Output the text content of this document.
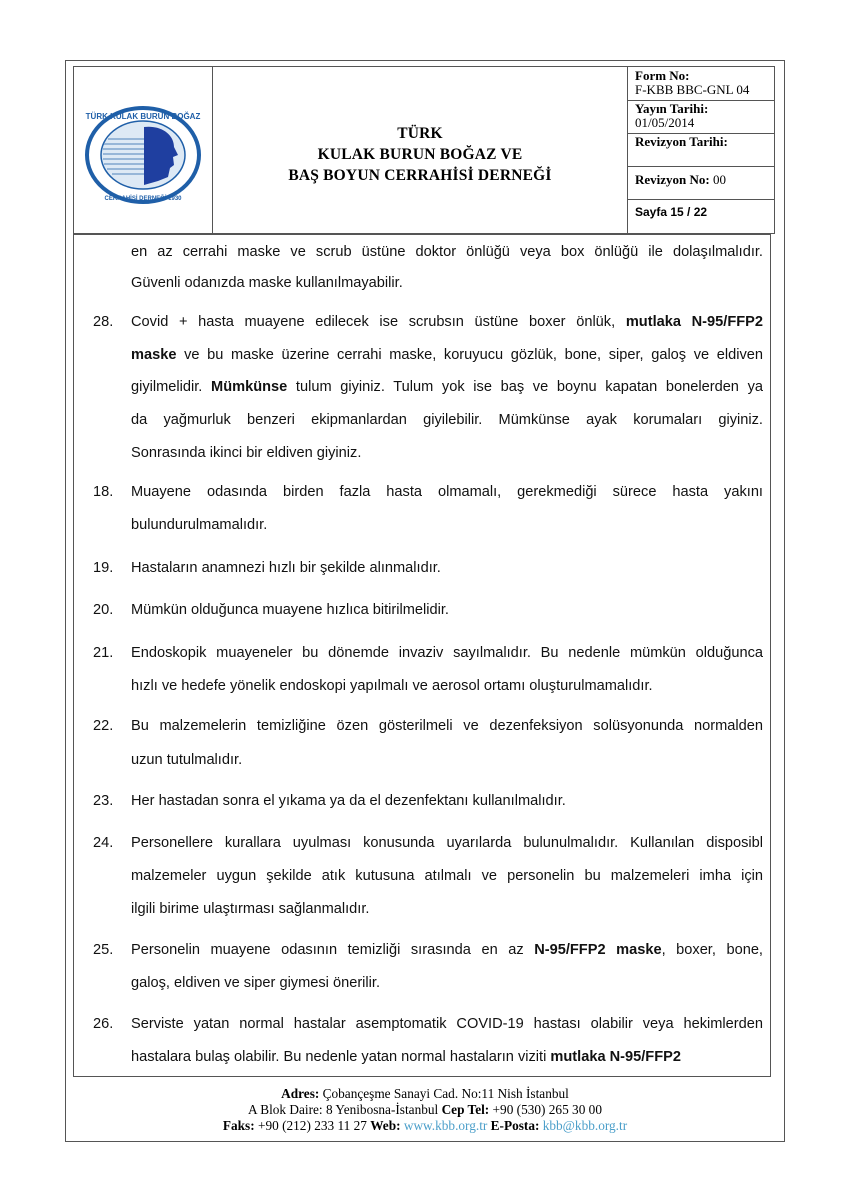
TÜRK KULAK BURUN BOĞAZ
CERRAHİSİ DERNEĞİ 1930
TÜRK
KULAK BURUN BOĞAZ VE
BAŞ BOYUN CERRAHİSİ DERNEĞİ
Form No:
F-KBB BBC-GNL 04
Yayın Tarihi:
01/05/2014
Revizyon Tarihi:
Revizyon No: 00
Sayfa 15 / 22
en az cerrahi maske ve scrub üstüne doktor önlüğü veya box önlüğü ile dolaşılmalıdır.
Güvenli odanızda maske kullanılmayabilir.
28. Covid + hasta muayene edilecek ise scrubsın üstüne boxer önlük, mutlaka N-95/FFP2
maske ve bu maske üzerine cerrahi maske, koruyucu gözlük, bone, siper, galoş ve eldiven
giyilmelidir. Mümkünse tulum giyiniz. Tulum yok ise baş ve boynu kapatan bonelerden ya
da yağmurluk benzeri ekipmanlardan giyilebilir. Mümkünse ayak korumaları giyiniz.
Sonrasında ikinci bir eldiven giyiniz.
18. Muayene odasında birden fazla hasta olmamalı, gerekmediği sürece hasta yakını
bulundurulmamalıdır.
19. Hastaların anamnezi hızlı bir şekilde alınmalıdır.
20. Mümkün olduğunca muayene hızlıca bitirilmelidir.
21. Endoskopik muayeneler bu dönemde invaziv sayılmalıdır. Bu nedenle mümkün olduğunca
hızlı ve hedefe yönelik endoskopi yapılmalı ve aerosol ortamı oluşturulmamalıdır.
22. Bu malzemelerin temizliğine özen gösterilmeli ve dezenfeksiyon solüsyonunda normalden
uzun tutulmalıdır.
23. Her hastadan sonra el yıkama ya da el dezenfektanı kullanılmalıdır.
24. Personellere kurallara uyulması konusunda uyarılarda bulunulmalıdır. Kullanılan disposibl
malzemeler uygun şekilde atık kutusuna atılmalı ve personelin bu malzemeleri imha için
ilgili birime ulaştırması sağlanmalıdır.
25. Personelin muayene odasının temizliği sırasında en az N-95/FFP2 maske, boxer, bone,
galoş, eldiven ve siper giymesi önerilir.
26. Serviste yatan normal hastalar asemptomatik COVID-19 hastası olabilir veya hekimlerden
hastalara bulaş olabilir. Bu nedenle yatan normal hastaların viziti mutlaka N-95/FFP2
Adres: Çobançeşme Sanayi Cad. No:11 Nish İstanbul
A Blok Daire: 8 Yenibosna-İstanbul Cep Tel: +90 (530) 265 30 00
Faks: +90 (212) 233 11 27 Web: www.kbb.org.tr E-Posta: kbb@kbb.org.tr
